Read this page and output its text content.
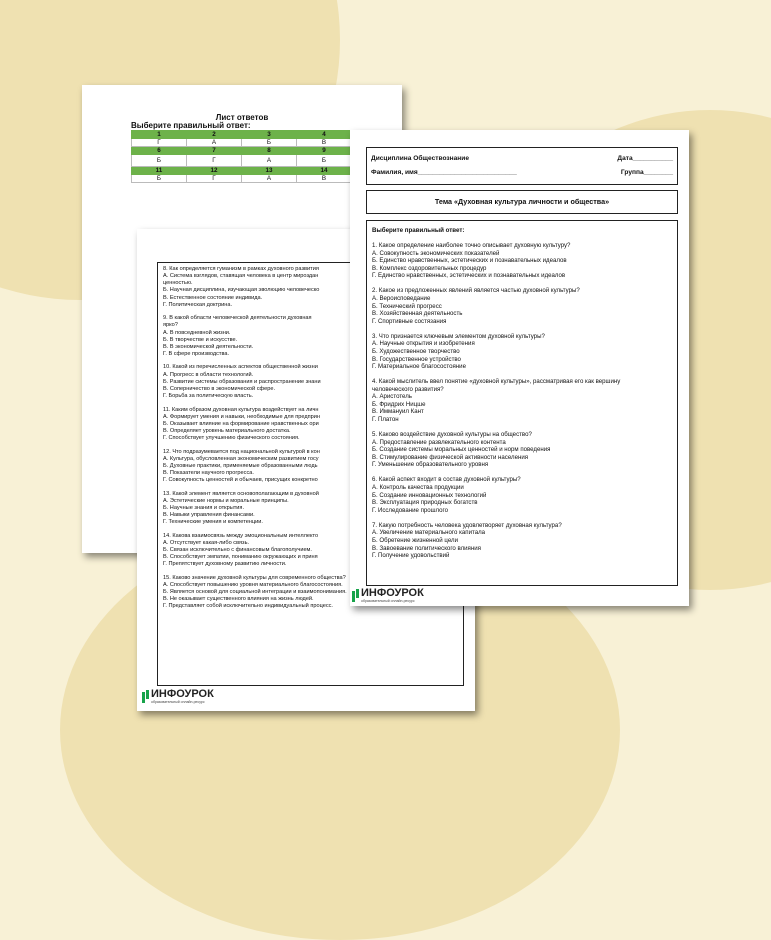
Лист ответов
Выберите правильный ответ:
1	2	3	4
Г	А	Б	В
6	7	8	9
Б	Г	А	Б
11	12	13	14
Б	Г	А	В
8. Как определяется гуманизм в рамках духовного развития
А. Система взглядов, ставящая человека в центр мироздан
ценностью.
Б. Научная дисциплина, изучающая эволюцию человеческо
В. Естественное состояние индивида.
Г. Политическая доктрина.
9. В какой области человеческой деятельности духовная
ярко?
А. В повседневной жизни.
Б. В творчестве и искусстве.
В. В экономической деятельности.
Г. В сфере производства.
10. Какой из перечисленных аспектов общественной жизни
А. Прогресс в области технологий.
Б. Развитие системы образования и распространение знани
В. Соперничество в экономической сфере.
Г. Борьба за политическую власть.
11. Каким образом духовная культура воздействует на личн
А. Формирует умения и навыки, необходимые для предприн
Б. Оказывает влияние на формирование нравственных ори
В. Определяет уровень материального достатка.
Г. Способствует улучшению физического состояния.
12. Что подразумевается под национальной культурой в кон
А. Культура, обусловленная экономическим развитием госу
Б. Духовные практики, применяемые образованными людь
В. Показатели научного прогресса.
Г. Совокупность ценностей и обычаев, присущих конкретно
13. Какой элемент является основополагающим в духовной
А. Эстетические нормы и моральные принципы.
Б. Научные знания и открытия.
В. Навыки управления финансами.
Г. Технические умения и компетенции.
14. Какова взаимосвязь между эмоциональным интеллекто
А. Отсутствует какая-либо связь.
Б. Связан исключительно с финансовым благополучием.
В. Способствует эмпатии, пониманию окружающих и приня
Г. Препятствует духовному развитию личности.
15. Каково значение духовной культуры для современного общества?
А. Способствует повышению уровня материального благосостояния.
Б. Является основой для социальной интеграции и взаимопонимания.
В. Не оказывает существенного влияния на жизнь людей.
Г. Представляет собой исключительно индивидуальный процесс.
ИНФОУРОК
образовательный онлайн-ресурс
Дисциплина Обществознание	Дата___________
Фамилия, имя___________________________	Группа________
Тема «Духовная культура личности и общества»
Выберите правильный ответ:
1. Какое определение наиболее точно описывает духовную культуру?
А. Совокупность экономических показателей
Б. Единство нравственных, эстетических и познавательных идеалов
В. Комплекс оздоровительных процедур
Г. Единство нравственных, эстетических и познавательных идеалов
2. Какое из предложенных явлений является частью духовной культуры?
А. Вероисповедание
Б. Технический прогресс
В. Хозяйственная деятельность
Г. Спортивные состязания
3. Что признается ключевым элементом духовной культуры?
А. Научные открытия и изобретения
Б. Художественное творчество
В. Государственное устройство
Г. Материальное благосостояние
4. Какой мыслитель ввел понятие «духовной культуры», рассматривая его как вершину
человеческого развития?
А. Аристотель
Б. Фридрих Ницше
В. Иммануил Кант
Г. Платон
5. Каково воздействие духовной культуры на общество?
А. Предоставление развлекательного контента
Б. Создание системы моральных ценностей и норм поведения
В. Стимулирование физической активности населения
Г. Уменьшение образовательного уровня
6. Какой аспект входит в состав духовной культуры?
А. Контроль качества продукции
Б. Создание инновационных технологий
В. Эксплуатация природных богатств
Г. Исследование прошлого
7. Какую потребность человека удовлетворяет духовная культура?
А. Увеличение материального капитала
Б. Обретение жизненной цели
В. Завоевание политического влияния
Г. Получение удовольствий
ИНФОУРОК
образовательный онлайн-ресурс
